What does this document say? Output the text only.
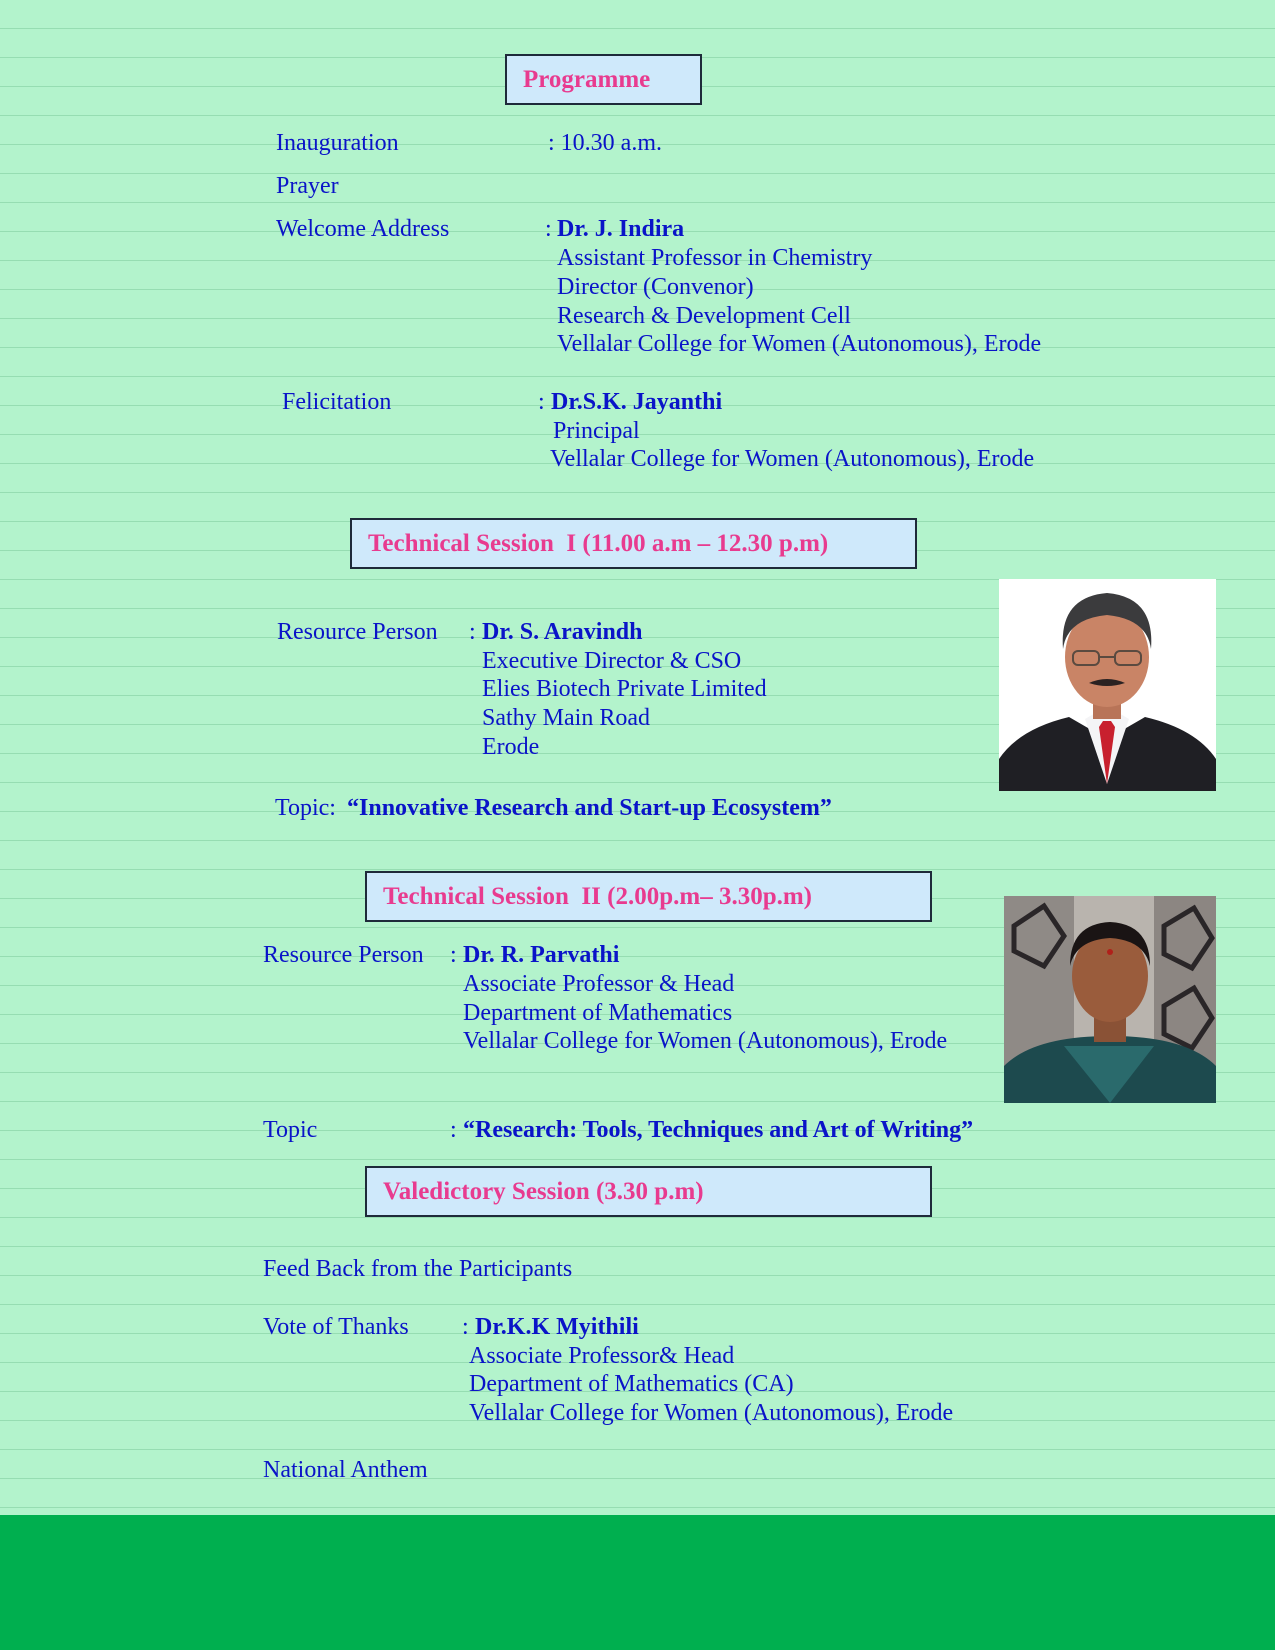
Programme
Inauguration	: 10.30 a.m.
Prayer
Welcome Address	: Dr. J. Indira
Assistant Professor in Chemistry
Director (Convenor)
Research & Development Cell
Vellalar College for Women (Autonomous), Erode
Felicitation	: Dr.S.K. Jayanthi
Principal
Vellalar College for Women (Autonomous), Erode
Technical Session  I (11.00 a.m – 12.30 p.m)
Resource Person : Dr. S. Aravindh
Executive Director & CSO
Elies Biotech Private Limited
Sathy Main Road
Erode
Topic: “Innovative Research and Start-up Ecosystem”
Technical Session  II (2.00p.m– 3.30p.m)
Resource Person : Dr. R. Parvathi
Associate Professor & Head
Department of Mathematics
Vellalar College for Women (Autonomous), Erode
Topic	: “Research: Tools, Techniques and Art of Writing”
Valedictory Session (3.30 p.m)
Feed Back from the Participants
Vote of Thanks : Dr.K.K Myithili
Associate Professor& Head
Department of Mathematics (CA)
Vellalar College for Women (Autonomous), Erode
National Anthem
